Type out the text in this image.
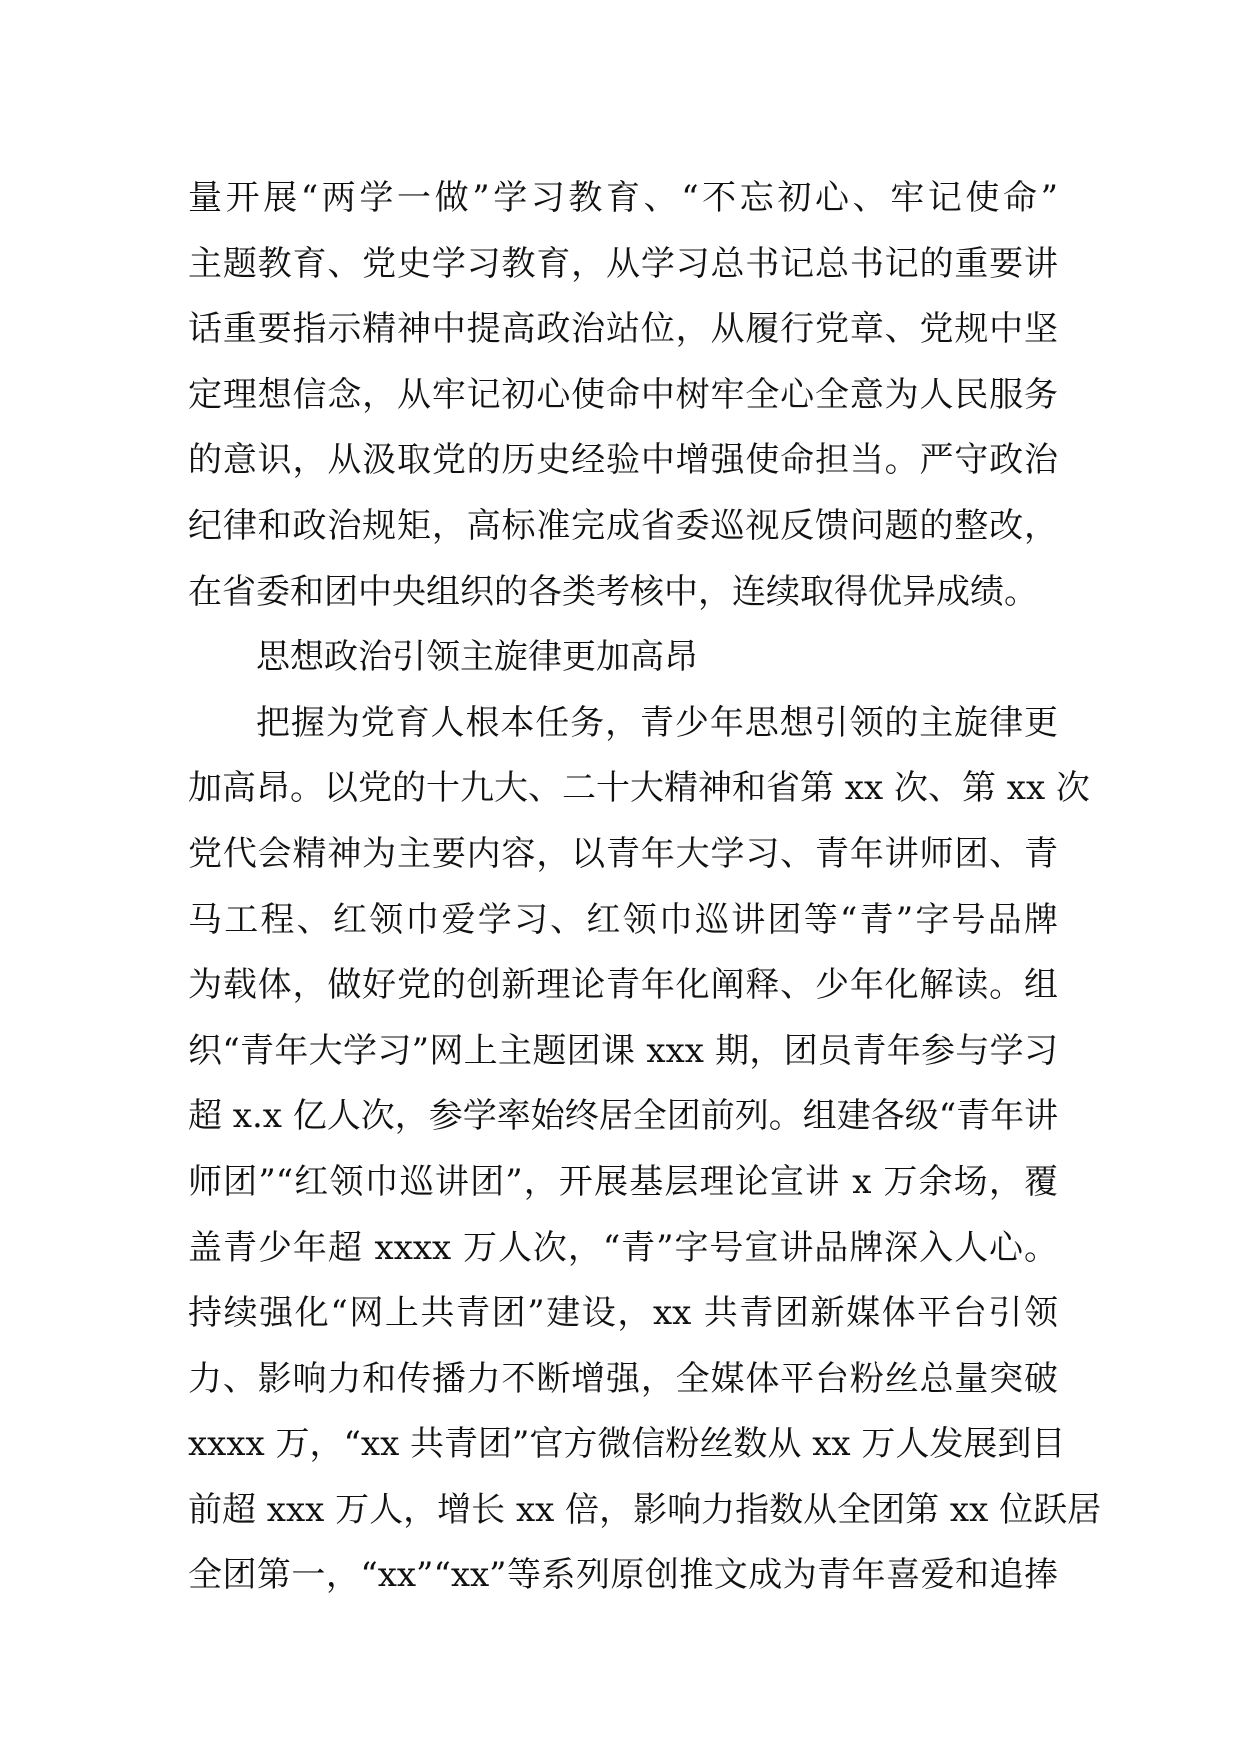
量开展“两学一做”学习教育、“不忘初心、牢记使命”
主题教育、党史学习教育，从学习总书记总书记的重要讲
话重要指示精神中提高政治站位，从履行党章、党规中坚
定理想信念，从牢记初心使命中树牢全心全意为人民服务
的意识，从汲取党的历史经验中增强使命担当。严守政治
纪律和政治规矩，高标准完成省委巡视反馈问题的整改，
在省委和团中央组织的各类考核中，连续取得优异成绩。
思想政治引领主旋律更加高昂
把握为党育人根本任务，青少年思想引领的主旋律更
加高昂。以党的十九大、二十大精神和省第 xx 次、第 xx 次
党代会精神为主要内容，以青年大学习、青年讲师团、青
马工程、红领巾爱学习、红领巾巡讲团等“青”字号品牌
为载体，做好党的创新理论青年化阐释、少年化解读。组
织“青年大学习”网上主题团课 xxx 期，团员青年参与学习
超 x.x 亿人次，参学率始终居全团前列。组建各级“青年讲
师团”“红领巾巡讲团”，开展基层理论宣讲 x 万余场，覆
盖青少年超 xxxx 万人次，“青”字号宣讲品牌深入人心。
持续强化“网上共青团”建设，xx 共青团新媒体平台引领
力、影响力和传播力不断增强，全媒体平台粉丝总量突破
xxxx 万，“xx 共青团”官方微信粉丝数从 xx 万人发展到目
前超 xxx 万人，增长 xx 倍，影响力指数从全团第 xx 位跃居
全团第一，“xx”“xx”等系列原创推文成为青年喜爱和追捧
